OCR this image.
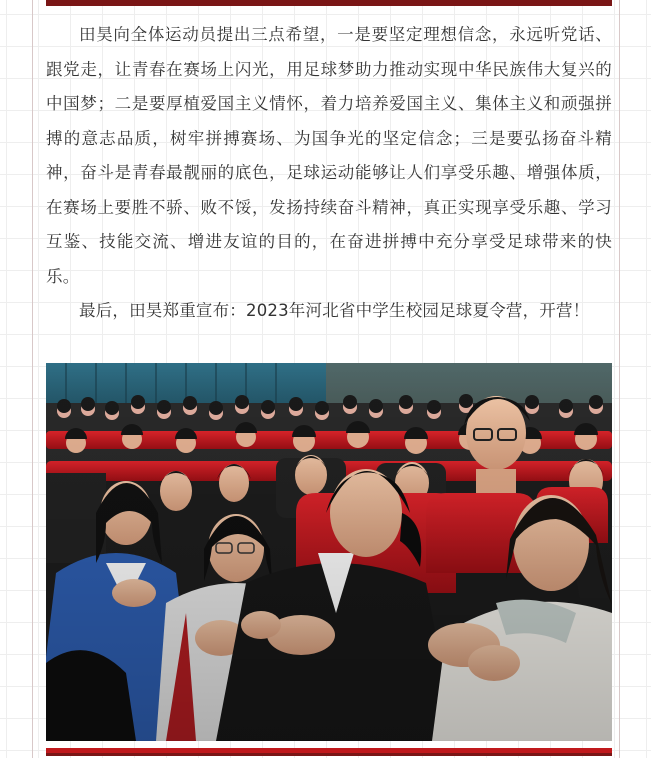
田昊向全体运动员提出三点希望，一是要坚定理想信念，永远听党话、跟党走，让青春在赛场上闪光，用足球梦助力推动实现中华民族伟大复兴的中国梦；二是要厚植爱国主义情怀，着力培养爱国主义、集体主义和顽强拼搏的意志品质，树牢拼搏赛场、为国争光的坚定信念；三是要弘扬奋斗精神，奋斗是青春最靓丽的底色，足球运动能够让人们享受乐趣、增强体质，在赛场上要胜不骄、败不馁，发扬持续奋斗精神，真正实现享受乐趣、学习互鉴、技能交流、增进友谊的目的，在奋进拼搏中充分享受足球带来的快乐。

最后，田昊郑重宣布：2023年河北省中学生校园足球夏令营，开营！
